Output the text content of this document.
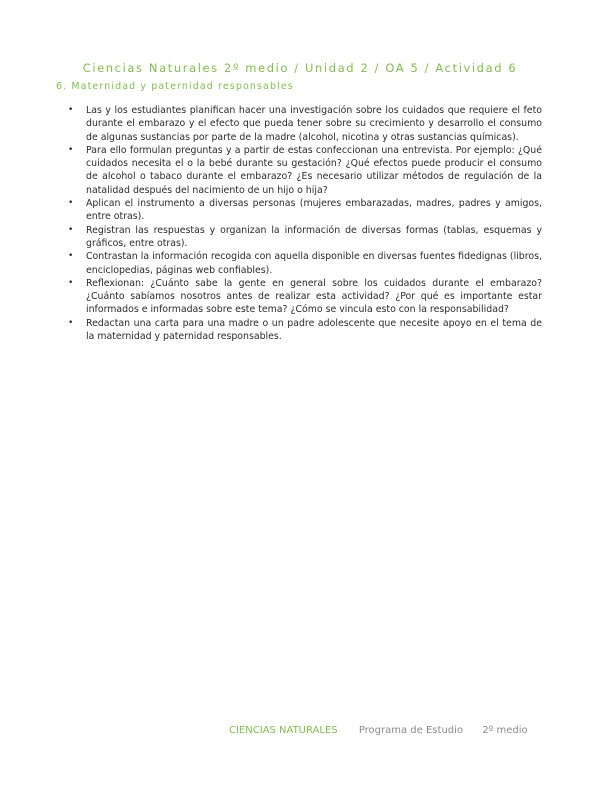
Ciencias Naturales 2º medio / Unidad 2 / OA 5 / Actividad 6
6. Maternidad y paternidad responsables
• Las y los estudiantes planifican hacer una investigación sobre los cuidados que requiere el feto durante el embarazo y el efecto que pueda tener sobre su crecimiento y desarrollo el consumo de algunas sustancias por parte de la madre (alcohol, nicotina y otras sustancias químicas).
• Para ello formulan preguntas y a partir de estas confeccionan una entrevista. Por ejemplo: ¿Qué cuidados necesita el o la bebé durante su gestación? ¿Qué efectos puede producir el consumo de alcohol o tabaco durante el embarazo? ¿Es necesario utilizar métodos de regulación de la natalidad después del nacimiento de un hijo o hija?
• Aplican el instrumento a diversas personas (mujeres embarazadas, madres, padres y amigos, entre otras).
• Registran las respuestas y organizan la información de diversas formas (tablas, esquemas y gráficos, entre otras).
• Contrastan la información recogida con aquella disponible en diversas fuentes fidedignas (libros, enciclopedias, páginas web confiables).
• Reflexionan: ¿Cuánto sabe la gente en general sobre los cuidados durante el embarazo? ¿Cuánto sabíamos nosotros antes de realizar esta actividad? ¿Por qué es importante estar informados e informadas sobre este tema? ¿Cómo se vincula esto con la responsabilidad?
• Redactan una carta para una madre o un padre adolescente que necesite apoyo en el tema de la maternidad y paternidad responsables.
CIENCIAS NATURALES Programa de Estudio 2º medio
